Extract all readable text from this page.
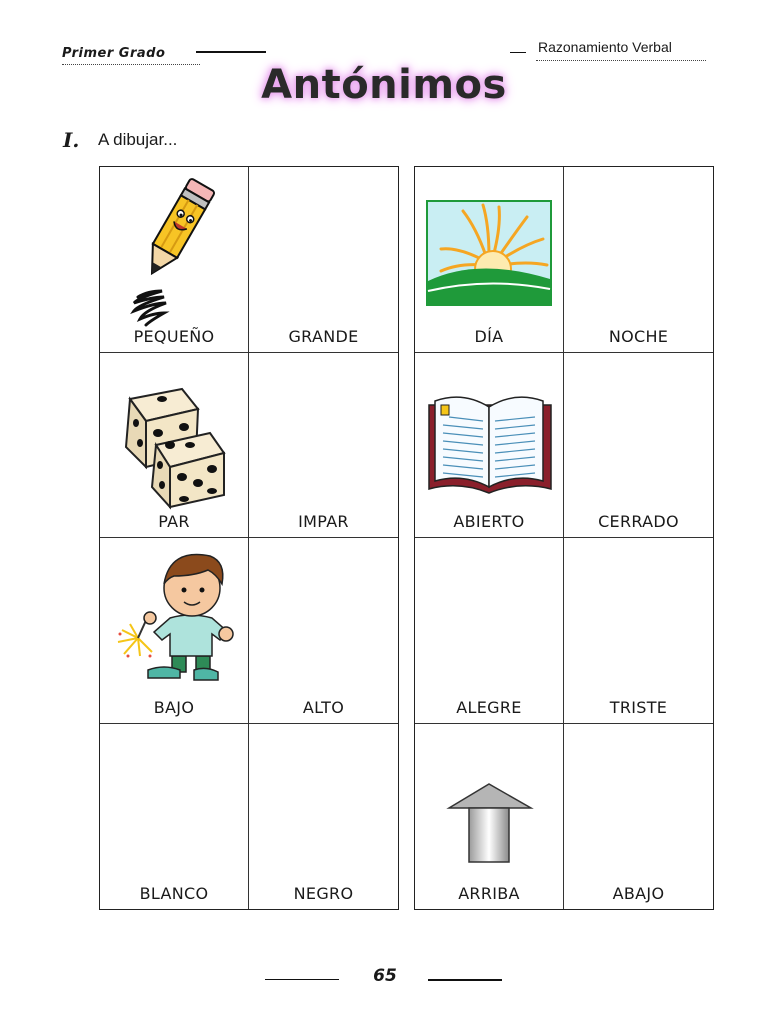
Primer Grado	Razonamiento Verbal
Antónimos
I. A dibujar...
PEQUEÑO	GRANDE
PAR	IMPAR
BAJO	ALTO
BLANCO	NEGRO
DÍA	NOCHE
ABIERTO	CERRADO
ALEGRE	TRISTE
ARRIBA	ABAJO
65
